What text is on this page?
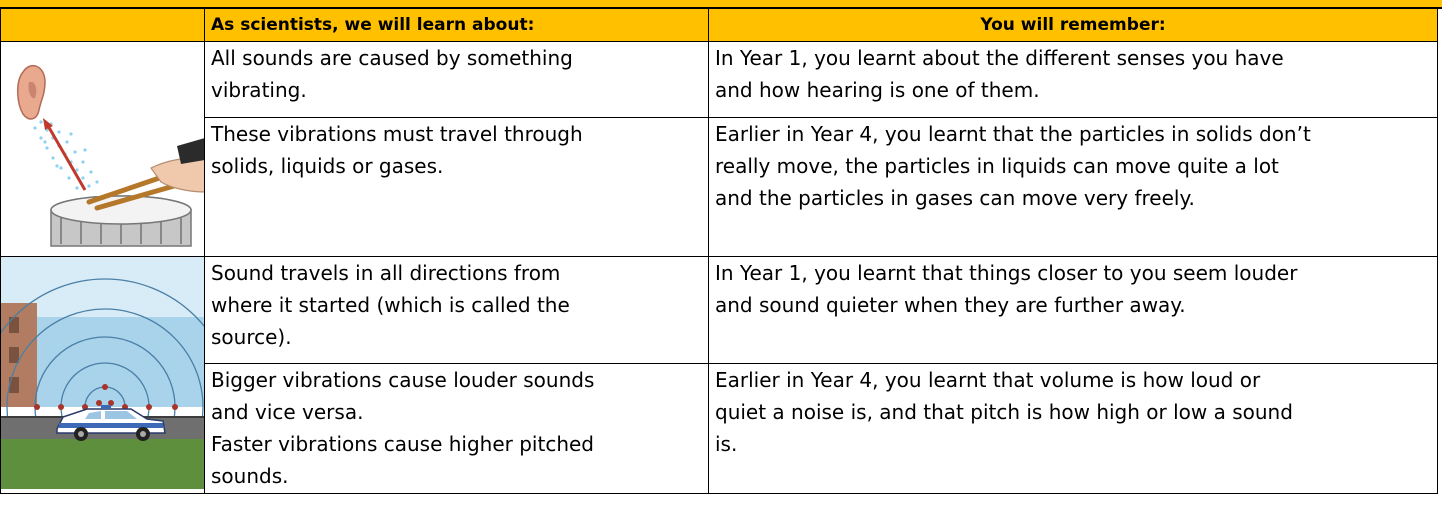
	As scientists, we will learn about:	You will remember:

All sounds are caused by something
vibrating.	In Year 1, you learnt about the different senses you have
and how hearing is one of them.

	These vibrations must travel through
solids, liquids or gases.	Earlier in Year 4, you learnt that the particles in solids don’t
really move, the particles in liquids can move quite a lot
and the particles in gases can move very freely.

Sound travels in all directions from
where it started (which is called the
source).	In Year 1, you learnt that things closer to you seem louder
and sound quieter when they are further away.

	Bigger vibrations cause louder sounds
and vice versa.
Faster vibrations cause higher pitched
sounds.	Earlier in Year 4, you learnt that volume is how loud or
quiet a noise is, and that pitch is how high or low a sound
is.
